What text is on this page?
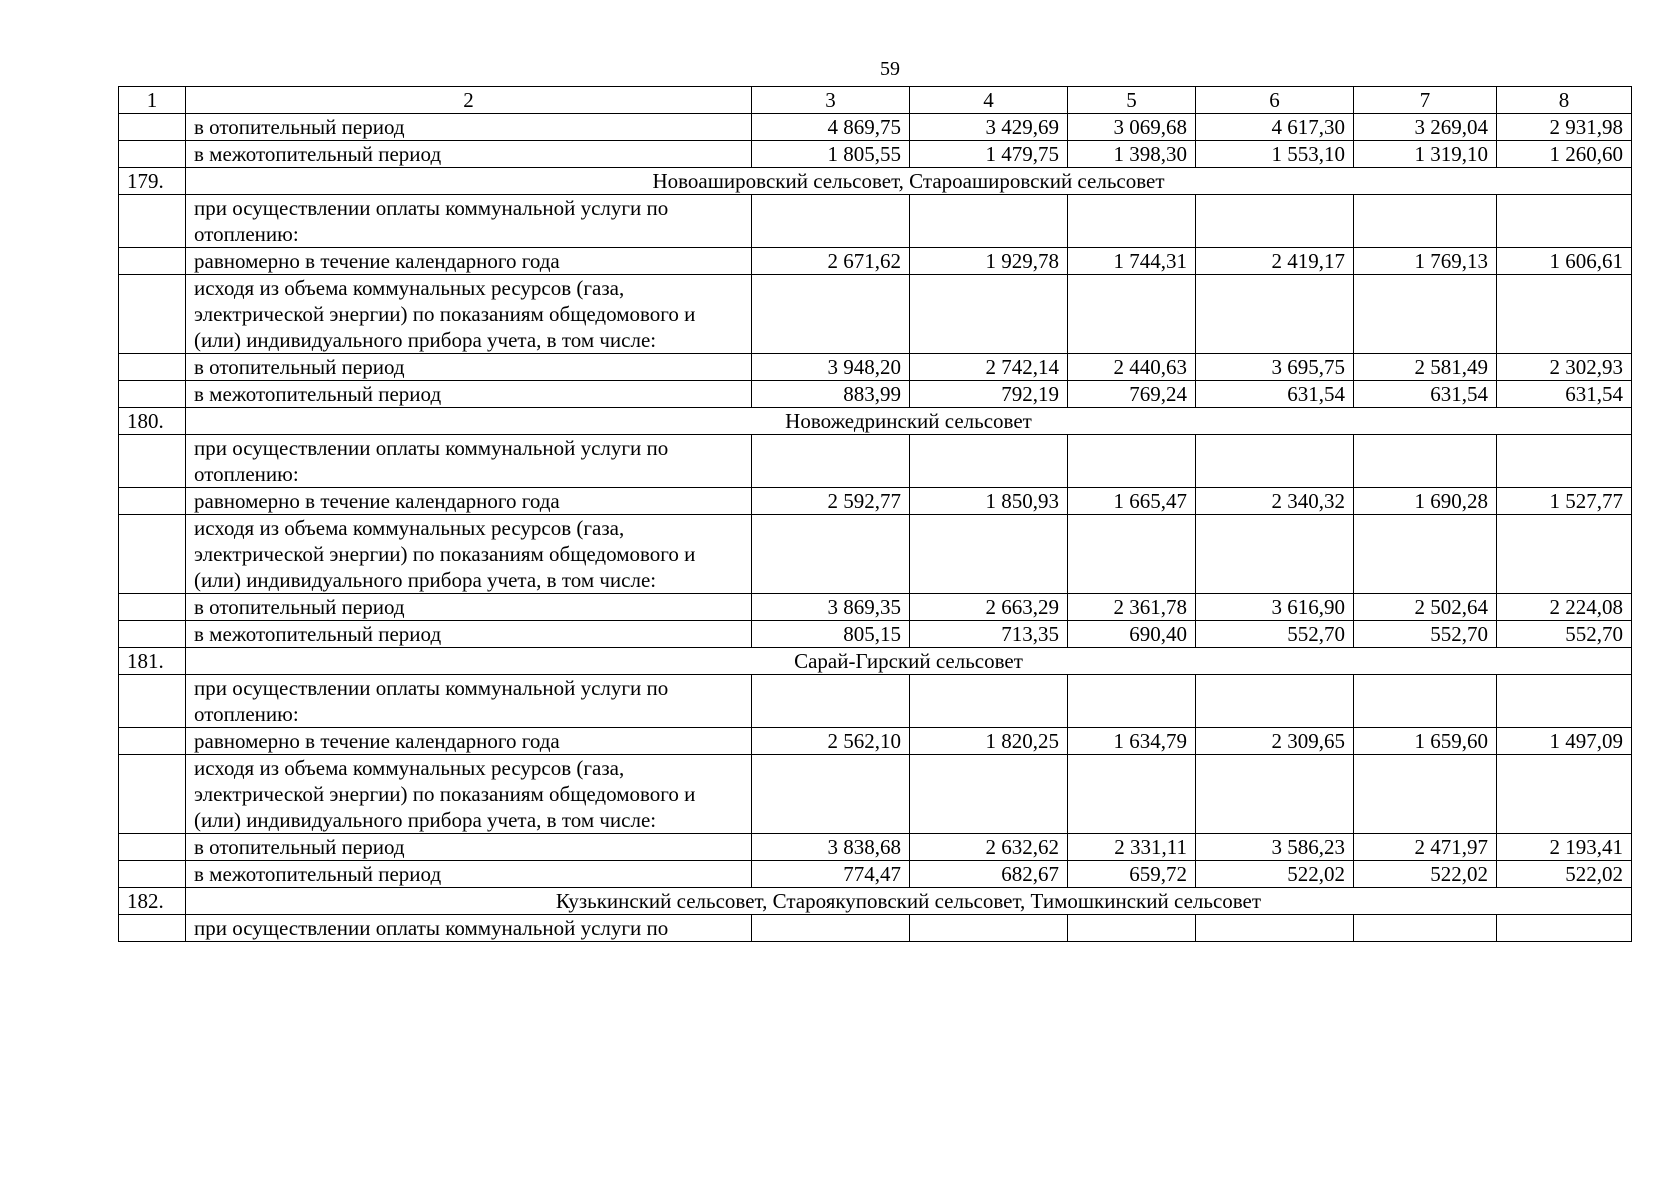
59
1	2	3	4	5	6	7	8
	в отопительный период	4 869,75	3 429,69	3 069,68	4 617,30	3 269,04	2 931,98
	в межотопительный период	1 805,55	1 479,75	1 398,30	1 553,10	1 319,10	1 260,60
179.	Новоашировский сельсовет, Староашировский сельсовет						
	при осуществлении оплаты коммунальной услуги по отоплению:						
	равномерно в течение календарного года	2 671,62	1 929,78	1 744,31	2 419,17	1 769,13	1 606,61
	исходя из объема коммунальных ресурсов (газа, электрической энергии) по показаниям общедомового и (или) индивидуального прибора учета, в том числе:						
	в отопительный период	3 948,20	2 742,14	2 440,63	3 695,75	2 581,49	2 302,93
	в межотопительный период	883,99	792,19	769,24	631,54	631,54	631,54
180.	Новожедринский сельсовет						
	при осуществлении оплаты коммунальной услуги по отоплению:						
	равномерно в течение календарного года	2 592,77	1 850,93	1 665,47	2 340,32	1 690,28	1 527,77
	исходя из объема коммунальных ресурсов (газа, электрической энергии) по показаниям общедомового и (или) индивидуального прибора учета, в том числе:						
	в отопительный период	3 869,35	2 663,29	2 361,78	3 616,90	2 502,64	2 224,08
	в межотопительный период	805,15	713,35	690,40	552,70	552,70	552,70
181.	Сарай-Гирский сельсовет						
	при осуществлении оплаты коммунальной услуги по отоплению:						
	равномерно в течение календарного года	2 562,10	1 820,25	1 634,79	2 309,65	1 659,60	1 497,09
	исходя из объема коммунальных ресурсов (газа, электрической энергии) по показаниям общедомового и (или) индивидуального прибора учета, в том числе:						
	в отопительный период	3 838,68	2 632,62	2 331,11	3 586,23	2 471,97	2 193,41
	в межотопительный период	774,47	682,67	659,72	522,02	522,02	522,02
182.	Кузькинский сельсовет, Староякуповский сельсовет, Тимошкинский сельсовет						
	при осуществлении оплаты коммунальной услуги по						
